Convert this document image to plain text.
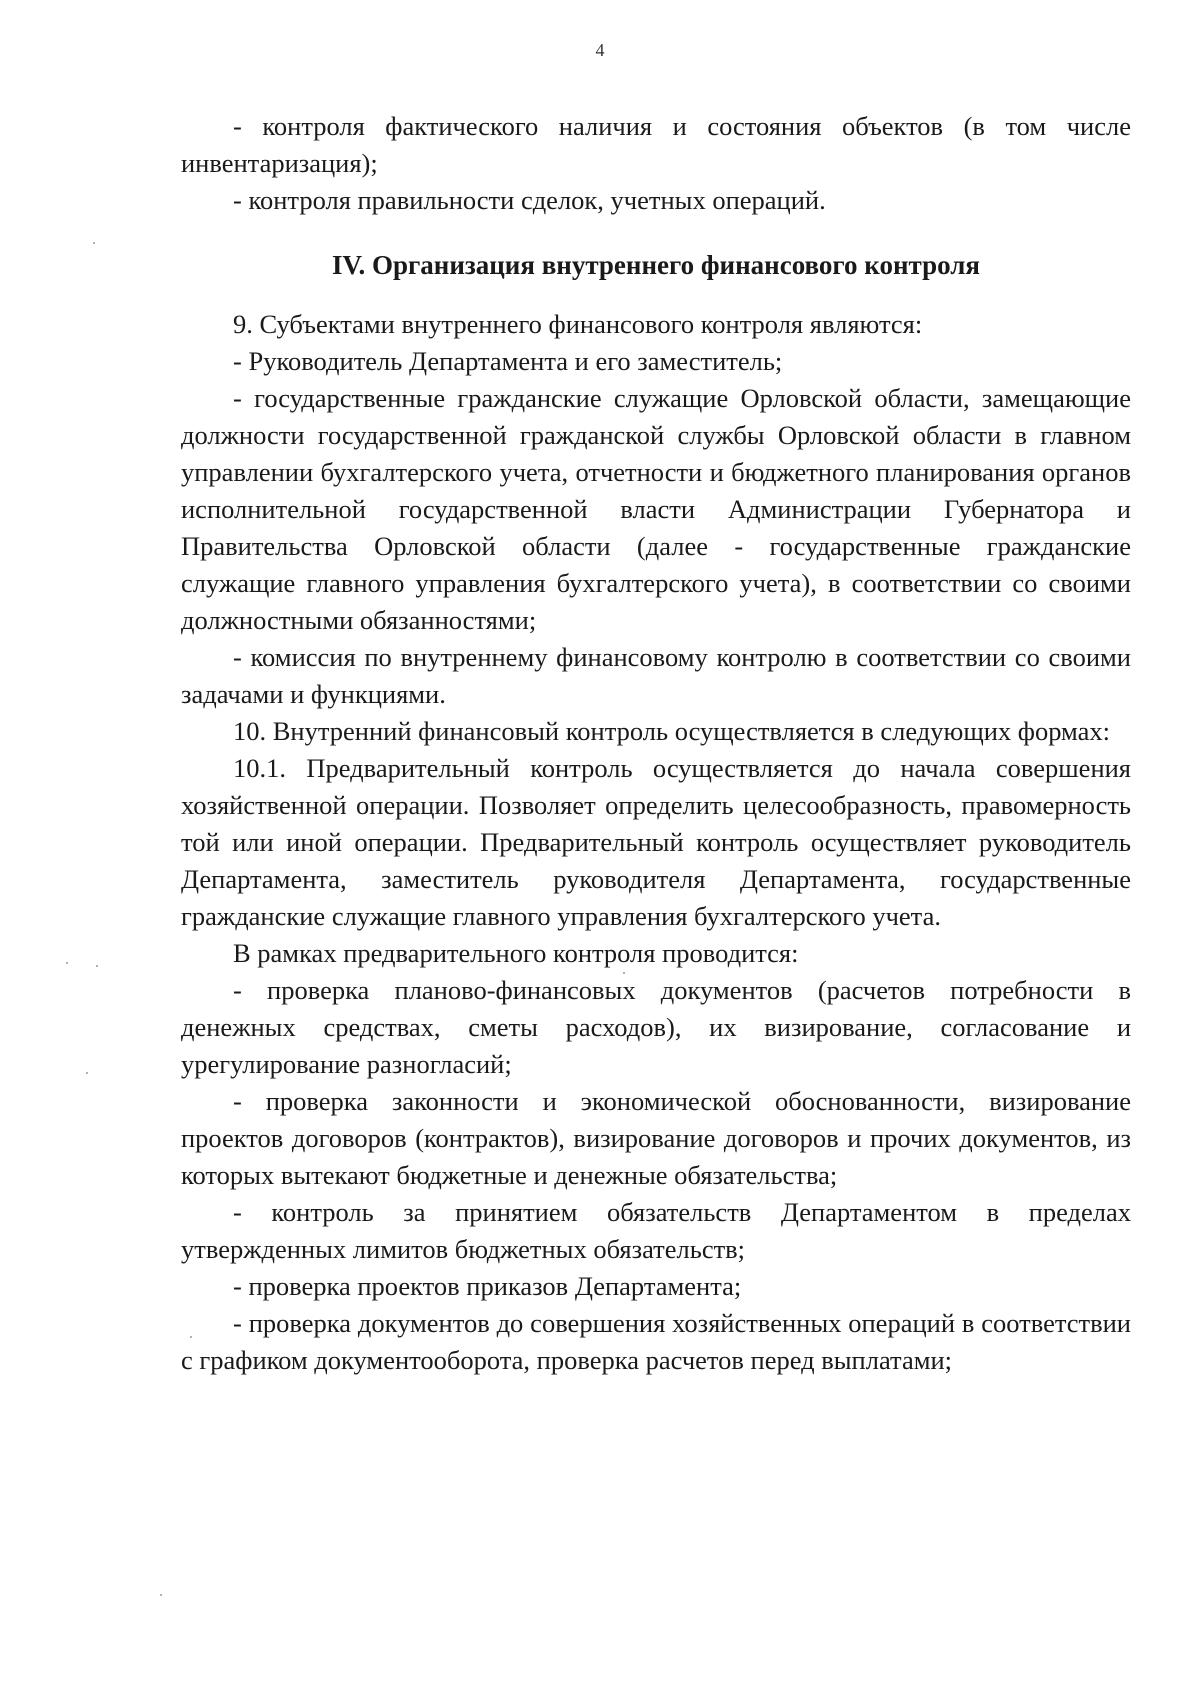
4

- контроля фактического наличия и состояния объектов (в том числе инвентаризация);

- контроля правильности сделок, учетных операций.

IV. Организация внутреннего финансового контроля

9. Субъектами внутреннего финансового контроля являются:

- Руководитель Департамента и его заместитель;

- государственные гражданские служащие Орловской области, замещающие должности государственной гражданской службы Орловской области в главном управлении бухгалтерского учета, отчетности и бюджетного планирования органов исполнительной государственной власти Администрации Губернатора и Правительства Орловской области (далее - государственные гражданские служащие главного управления бухгалтерского учета), в соответствии со своими должностными обязанностями;

- комиссия по внутреннему финансовому контролю в соответствии со своими задачами и функциями.

10. Внутренний финансовый контроль осуществляется в следующих формах:

10.1. Предварительный контроль осуществляется до начала совершения хозяйственной операции. Позволяет определить целесообразность, правомерность той или иной операции. Предварительный контроль осуществляет руководитель Департамента, заместитель руководителя Департамента, государственные гражданские служащие главного управления бухгалтерского учета.

В рамках предварительного контроля проводится:

- проверка планово-финансовых документов (расчетов потребности в денежных средствах, сметы расходов), их визирование, согласование и урегулирование разногласий;

- проверка законности и экономической обоснованности, визирование проектов договоров (контрактов), визирование договоров и прочих документов, из которых вытекают бюджетные и денежные обязательства;

- контроль за принятием обязательств Департаментом в пределах утвержденных лимитов бюджетных обязательств;

- проверка проектов приказов Департамента;

- проверка документов до совершения хозяйственных операций в соответствии с графиком документооборота, проверка расчетов перед выплатами;
